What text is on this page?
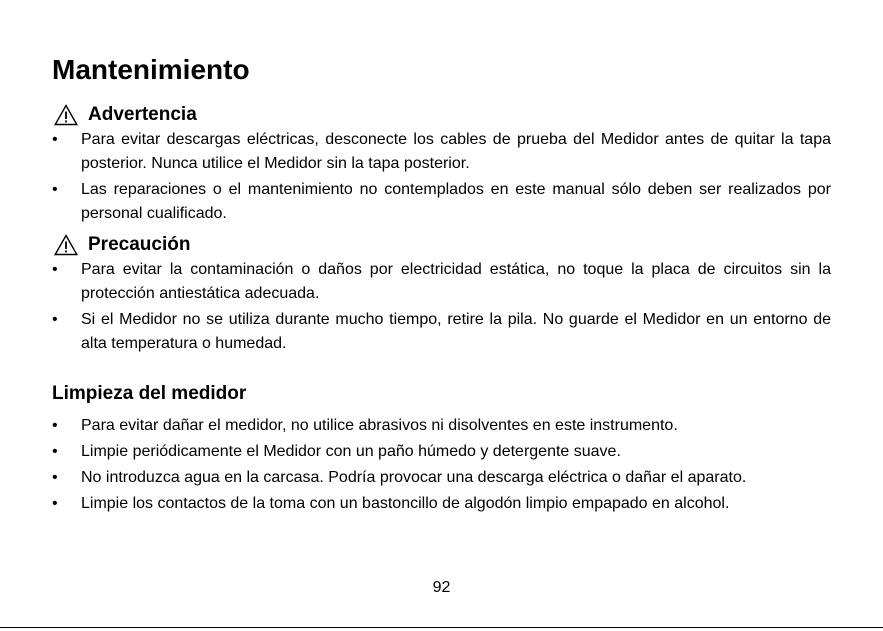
Mantenimiento
Advertencia
• Para evitar descargas eléctricas, desconecte los cables de prueba del Medidor antes de quitar la tapa posterior. Nunca utilice el Medidor sin la tapa posterior.
• Las reparaciones o el mantenimiento no contemplados en este manual sólo deben ser realizados por personal cualificado.
Precaución
• Para evitar la contaminación o daños por electricidad estática, no toque la placa de circuitos sin la protección antiestática adecuada.
• Si el Medidor no se utiliza durante mucho tiempo, retire la pila. No guarde el Medidor en un entorno de alta temperatura o humedad.
Limpieza del medidor
• Para evitar dañar el medidor, no utilice abrasivos ni disolventes en este instrumento.
• Limpie periódicamente el Medidor con un paño húmedo y detergente suave.
• No introduzca agua en la carcasa. Podría provocar una descarga eléctrica o dañar el aparato.
• Limpie los contactos de la toma con un bastoncillo de algodón limpio empapado en alcohol.
92
